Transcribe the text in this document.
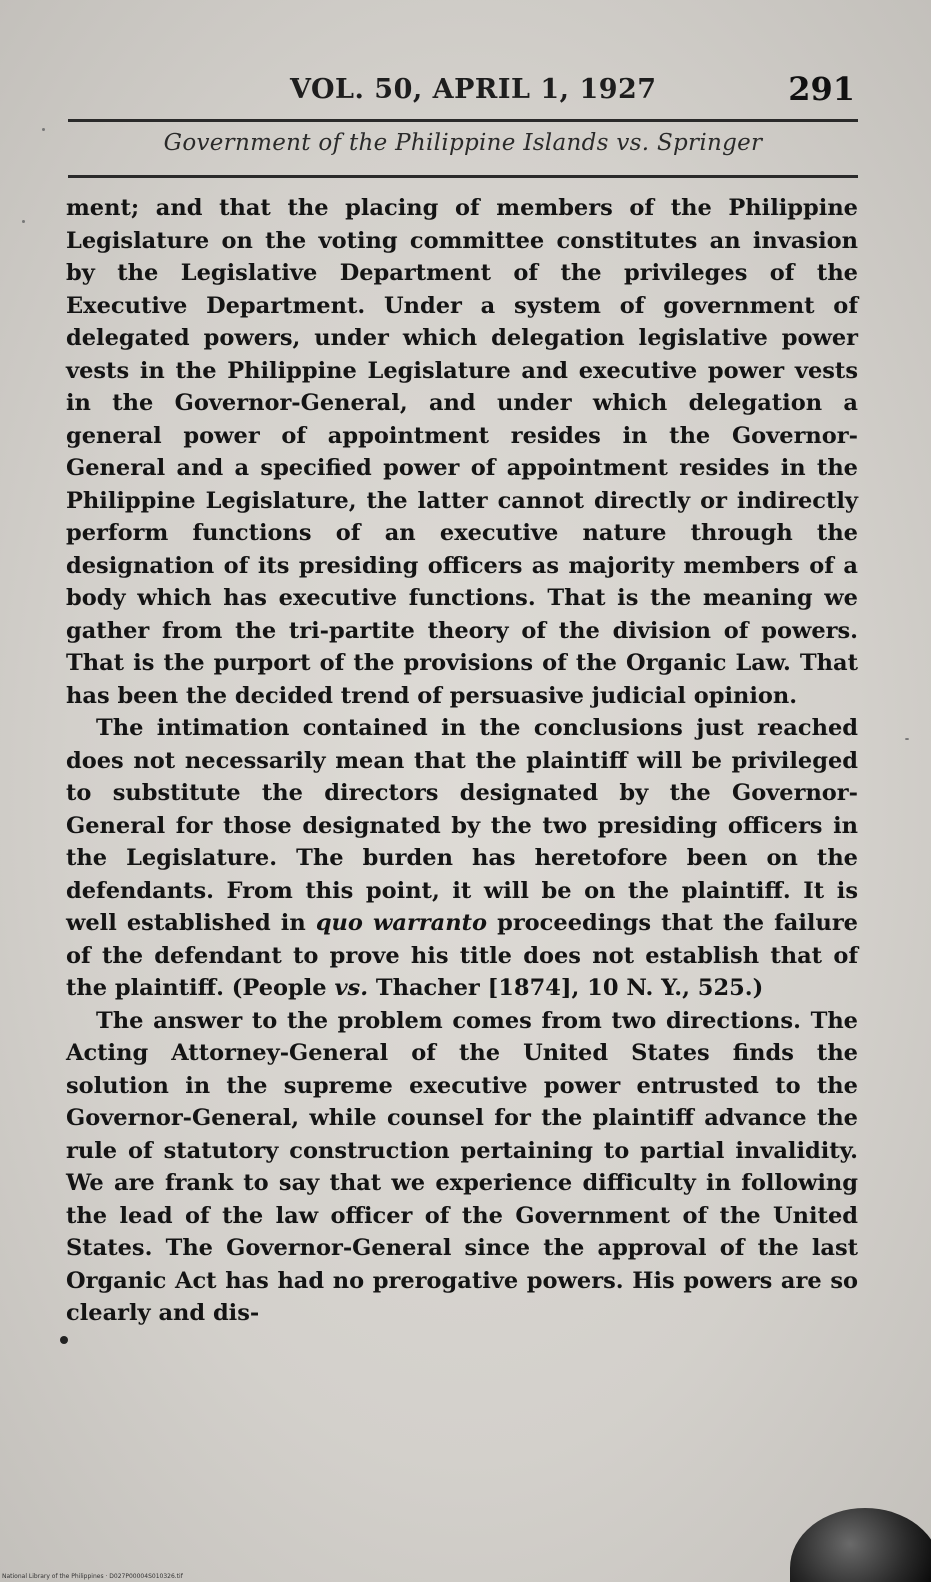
VOL. 50, APRIL 1, 1927	291
Government of the Philippine Islands vs. Springer

ment; and that the placing of members of the Philippine Legislature on the voting committee constitutes an invasion by the Legislative Department of the privileges of the Executive Department. Under a system of government of delegated powers, under which delegation legislative power vests in the Philippine Legislature and executive power vests in the Governor-General, and under which delegation a general power of appointment resides in the Governor-General and a specified power of appointment resides in the Philippine Legislature, the latter cannot directly or indirectly perform functions of an executive nature through the designation of its presiding officers as majority members of a body which has executive functions. That is the meaning we gather from the tri-partite theory of the division of powers. That is the purport of the provisions of the Organic Law. That has been the decided trend of persuasive judicial opinion.

The intimation contained in the conclusions just reached does not necessarily mean that the plaintiff will be privileged to substitute the directors designated by the Governor-General for those designated by the two presiding officers in the Legislature. The burden has heretofore been on the defendants. From this point, it will be on the plaintiff. It is well established in quo warranto proceedings that the failure of the defendant to prove his title does not establish that of the plaintiff. (People vs. Thacher [1874], 10 N. Y., 525.)

The answer to the problem comes from two directions. The Acting Attorney-General of the United States finds the solution in the supreme executive power entrusted to the Governor-General, while counsel for the plaintiff advance the rule of statutory construction pertaining to partial invalidity. We are frank to say that we experience difficulty in following the lead of the law officer of the Government of the United States. The Governor-General since the approval of the last Organic Act has had no prerogative powers. His powers are so clearly and dis-

National Library of the Philippines · D027P00004S010326.tif
